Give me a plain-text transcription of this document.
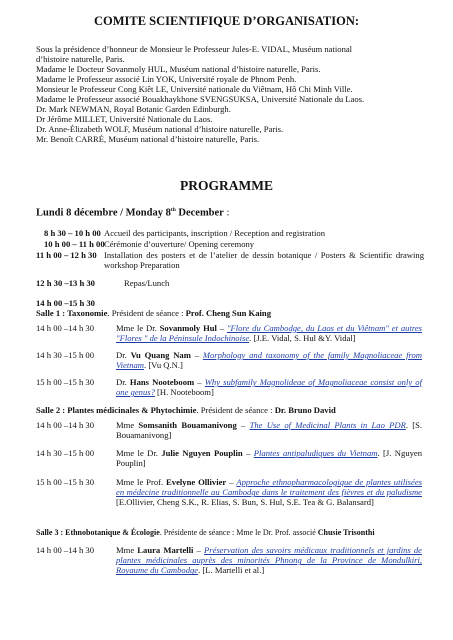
COMITE SCIENTIFIQUE D’ORGANISATION:
Sous la présidence d’honneur de Monsieur le Professeur Jules-E. VIDAL, Muséum national
d’histoire naturelle, Paris.
Madame le Docteur Sovanmoly HUL, Muséum national d’histoire naturelle, Paris.
Madame le Professeur associé Lin YOK, Université royale de Phnom Penh.
Monsieur le Professeur Cong Kiêt LE, Université nationale du Viêtnam, Hô Chi Minh Ville.
Madame le Professeur associé Bouakhaykhone SVENGSUKSA, Université Nationale du Laos.
Dr. Mark NEWMAN, Royal Botanic Garden Edinburgh.
Dr Jérôme MILLET, Université Nationale du Laos.
Dr. Anne-Élizabeth WOLF, Muséum national d’histoire naturelle, Paris.
Mr. Benoît CARRÉ, Muséum national d’histoire naturelle, Paris.
PROGRAMME
Lundi 8 décembre / Monday 8th December :
8 h 30 – 10 h 00 Accueil des participants, inscription / Reception and registration
10 h 00 – 11 h 00 Cérémonie d’ouverture/ Opening ceremony
11 h 00 – 12 h 30 Installation des posters et de l’atelier de dessin botanique / Posters & Scientific drawing workshop Preparation
12 h 30 –13 h 30	Repas/Lunch
14 h 00 –15 h 30
Salle 1 : Taxonomie. Président de séance : Prof. Cheng Sun Kaing
14 h 00 –14 h 30	Mme le Dr. Sovanmoly Hul – "Flore du Cambodge, du Laos et du Viêtnam" et autres "Flores " de la Péninsule Indochinoise. [J.E. Vidal, S. Hul &Y. Vidal]
14 h 30 –15 h 00	Dr. Vu Quang Nam – Morphology and taxonomy of the family Magnoliaceae from Vietnam. [Vu Q.N.]
15 h 00 –15 h 30	Dr. Hans Nooteboom – Why subfamily Magnolideae of Magnoliaceae consist only of one genus? [H. Nooteboom]
Salle 2 : Plantes médicinales & Phytochimie. Président de séance : Dr. Bruno David
14 h 00 –14 h 30	Mme Somsanith Bouamanivong – The Use of Medicinal Plants in Lao PDR. [S. Bouamanivong]
14 h 30 –15 h 00	Mme le Dr. Julie Nguyen Pouplin – Plantes antipaludiques du Vietnam. [J. Nguyen Pouplin]
15 h 00 –15 h 30	Mme le Prof. Evelyne Ollivier – Approche ethnopharmacologique de plantes utilisées en médecine traditionnelle au Cambodge dans le traitement des fièvres et du paludisme [E.Ollivier, Cheng S.K., R. Elias, S. Bun, S. Hul, S.E. Tea & G. Balansard]
Salle 3 : Ethnobotanique & Écologie. Présidente de séance : Mme le Dr. Prof. associé Chusie Trisonthi
14 h 00 –14 h 30	Mme Laura Martelli – Préservation des savoirs médicaux traditionnels et jardins de plantes médicinales auprès des minorités Phnong de la Province de Mondulkiri, Royaume du Cambodge. [L. Martelli et al.]
